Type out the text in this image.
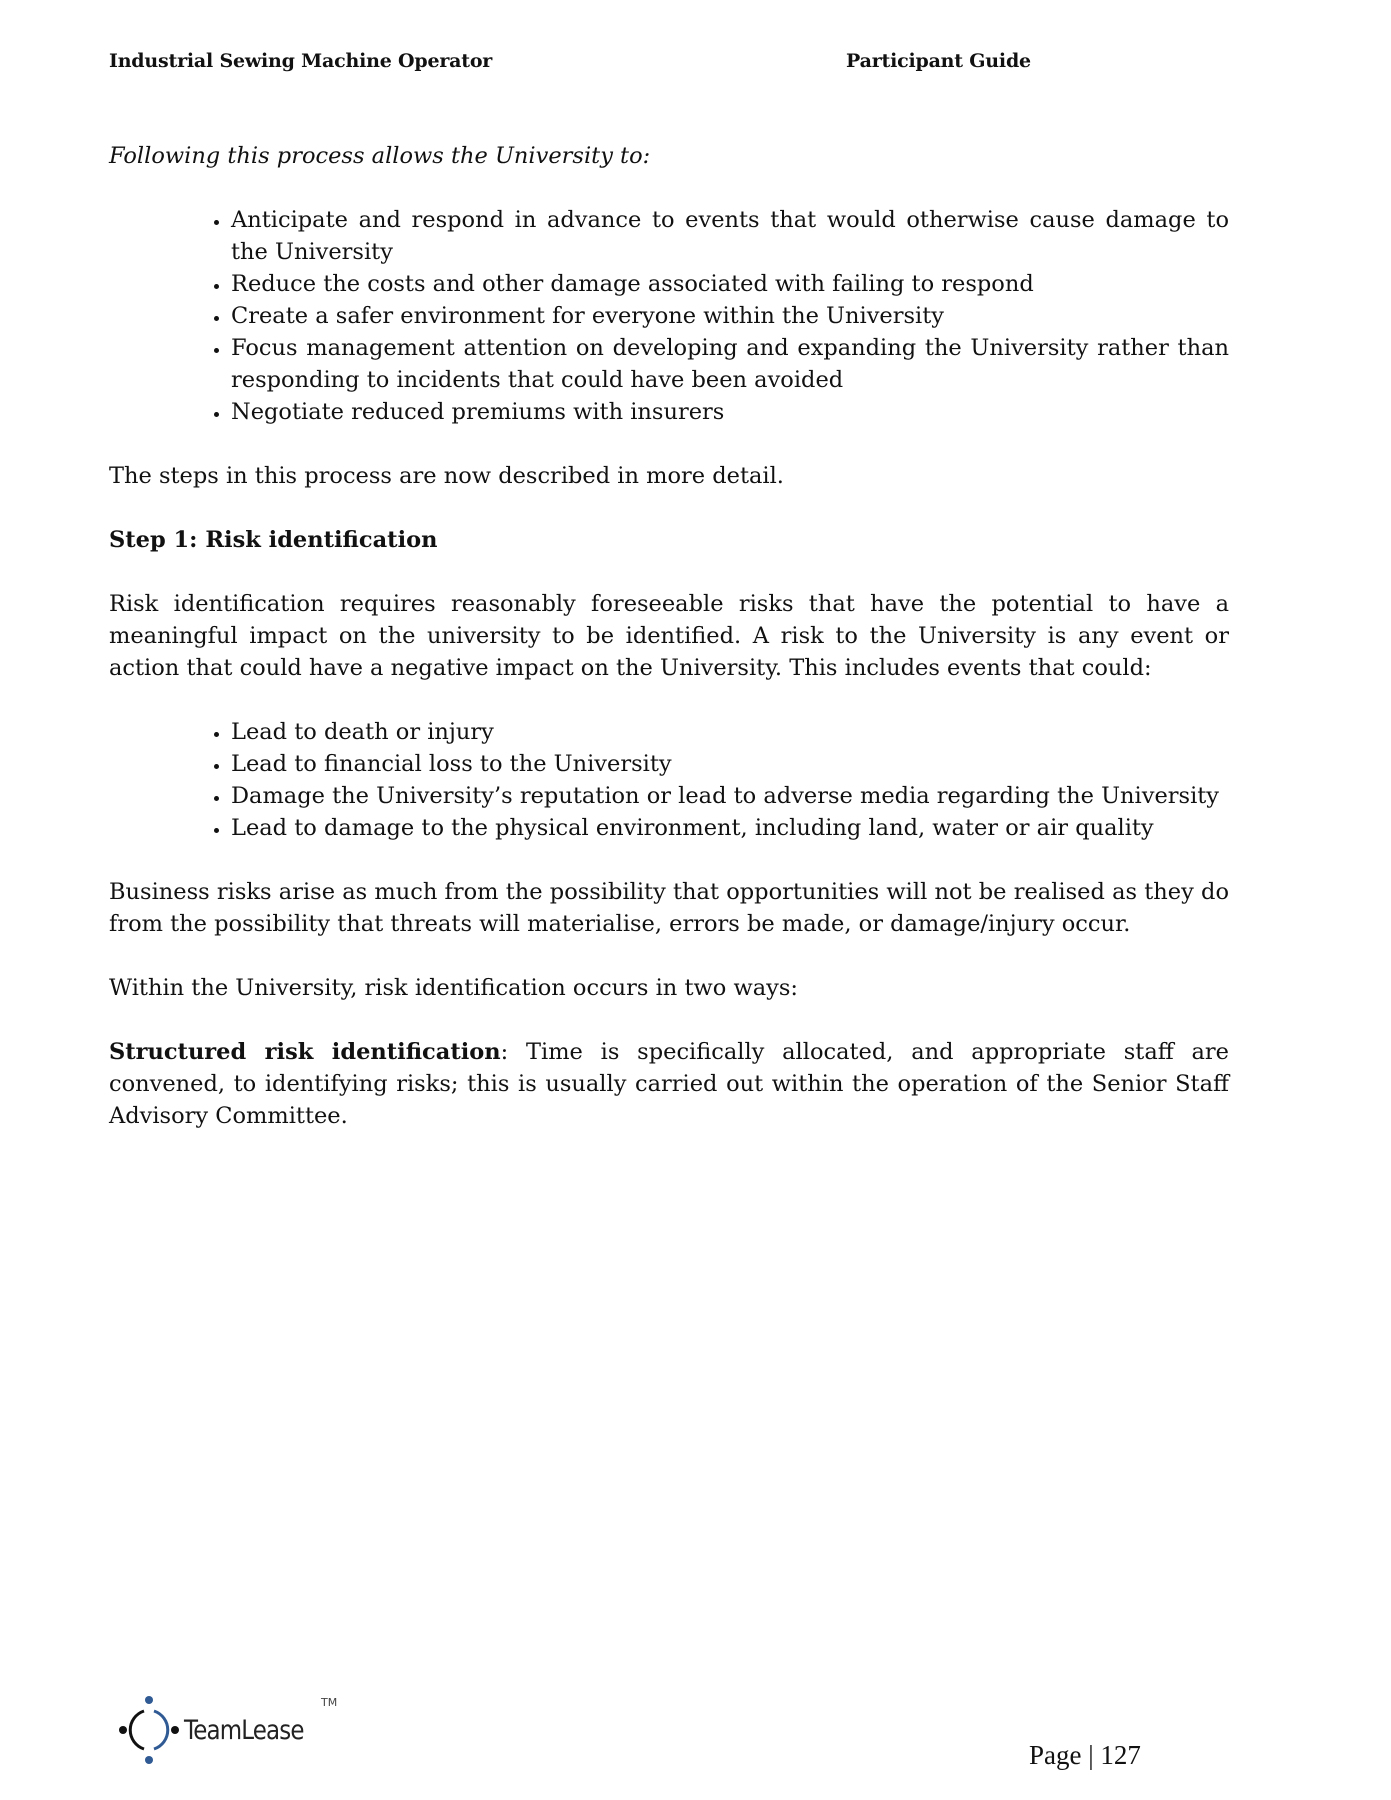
Industrial Sewing Machine Operator	Participant Guide

Following this process allows the University to:

• Anticipate and respond in advance to events that would otherwise cause damage to the University
• Reduce the costs and other damage associated with failing to respond
• Create a safer environment for everyone within the University
• Focus management attention on developing and expanding the University rather than responding to incidents that could have been avoided
• Negotiate reduced premiums with insurers

The steps in this process are now described in more detail.

Step 1: Risk identification

Risk identification requires reasonably foreseeable risks that have the potential to have a meaningful impact on the university to be identified. A risk to the University is any event or action that could have a negative impact on the University. This includes events that could:

• Lead to death or injury
• Lead to financial loss to the University
• Damage the University’s reputation or lead to adverse media regarding the University
• Lead to damage to the physical environment, including land, water or air quality

Business risks arise as much from the possibility that opportunities will not be realised as they do from the possibility that threats will materialise, errors be made, or damage/injury occur.

Within the University, risk identification occurs in two ways:

Structured risk identification: Time is specifically allocated, and appropriate staff are convened, to identifying risks; this is usually carried out within the operation of the Senior Staff Advisory Committee.

TeamLease
TM
Page | 127
